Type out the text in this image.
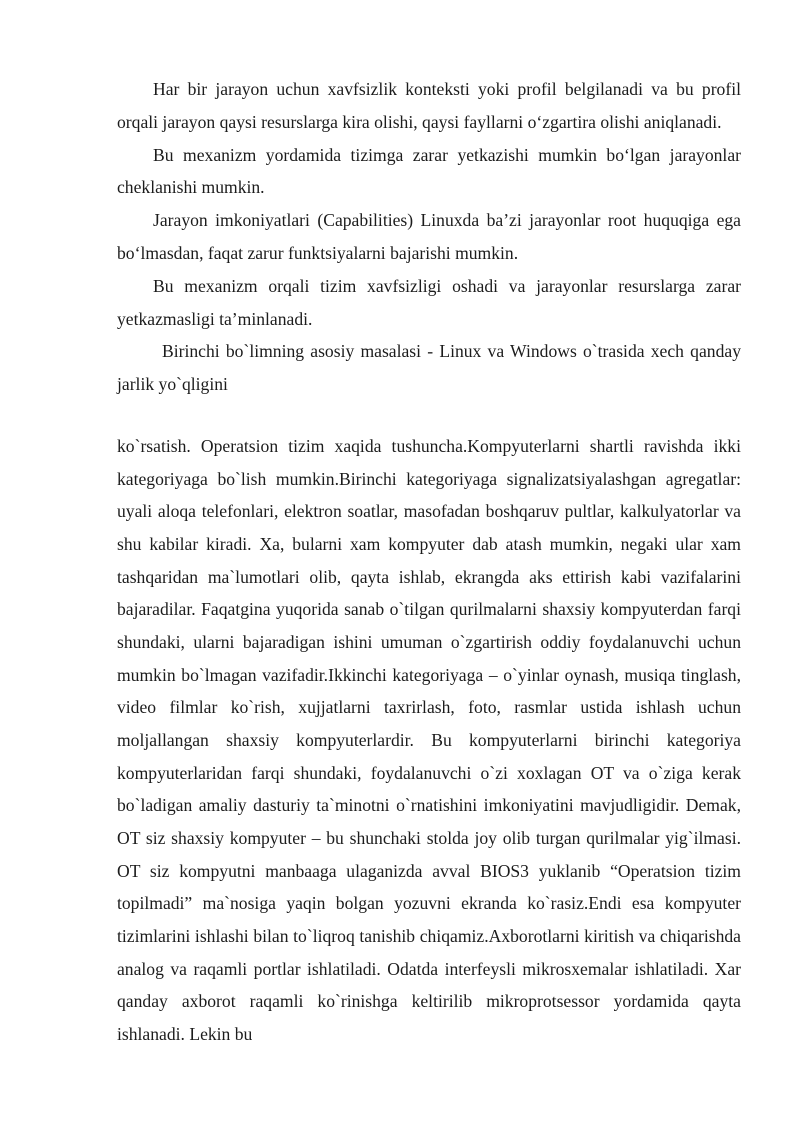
Har bir jarayon uchun xavfsizlik konteksti yoki profil belgilanadi va bu profil orqali jarayon qaysi resurslarga kira olishi, qaysi fayllarni o‘zgartira olishi aniqlanadi.

Bu mexanizm yordamida tizimga zarar yetkazishi mumkin bo‘lgan jarayonlar cheklanishi mumkin.

Jarayon imkoniyatlari (Capabilities) Linuxda ba’zi jarayonlar root huquqiga ega bo‘lmasdan, faqat zarur funktsiyalarni bajarishi mumkin.

Bu mexanizm orqali tizim xavfsizligi oshadi va jarayonlar resurslarga zarar yetkazmasligi ta’minlanadi.

Birinchi bo`limning asosiy masalasi - Linux va Windows o`trasida xech qanday jarlik yo`qligini

ko`rsatish. Operatsion tizim xaqida tushuncha.Kompyuterlarni shartli ravishda ikki kategoriyaga bo`lish mumkin.Birinchi kategoriyaga signalizatsiyalashgan agregatlar: uyali aloqa telefonlari, elektron soatlar, masofadan boshqaruv pultlar, kalkulyatorlar va shu kabilar kiradi. Xa, bularni xam kompyuter dab atash mumkin, negaki ular xam tashqaridan ma`lumotlari olib, qayta ishlab, ekrangda aks ettirish kabi vazifalarini bajaradilar. Faqatgina yuqorida sanab o`tilgan qurilmalarni shaxsiy kompyuterdan farqi shundaki, ularni bajaradigan ishini umuman o`zgartirish oddiy foydalanuvchi uchun mumkin bo`lmagan vazifadir.Ikkinchi kategoriyaga – o`yinlar oynash, musiqa tinglash, video filmlar ko`rish, xujjatlarni taxrirlash, foto, rasmlar ustida ishlash uchun moljallangan shaxsiy kompyuterlardir. Bu kompyuterlarni birinchi kategoriya kompyuterlaridan farqi shundaki, foydalanuvchi o`zi xoxlagan OT va o`ziga kerak bo`ladigan amaliy dasturiy ta`minotni o`rnatishini imkoniyatini mavjudligidir. Demak, OT siz shaxsiy kompyuter – bu shunchaki stolda joy olib turgan qurilmalar yig`ilmasi. OT siz kompyutni manbaaga ulaganizda avval BIOS3 yuklanib “Operatsion tizim topilmadi” ma`nosiga yaqin bolgan yozuvni ekranda ko`rasiz.Endi esa kompyuter tizimlarini ishlashi bilan to`liqroq tanishib chiqamiz.Axborotlarni kiritish va chiqarishda analog va raqamli portlar ishlatiladi. Odatda interfeysli mikrosxemalar ishlatiladi. Xar qanday axborot raqamli ko`rinishga keltirilib mikroprotsessor yordamida qayta ishlanadi. Lekin bu
